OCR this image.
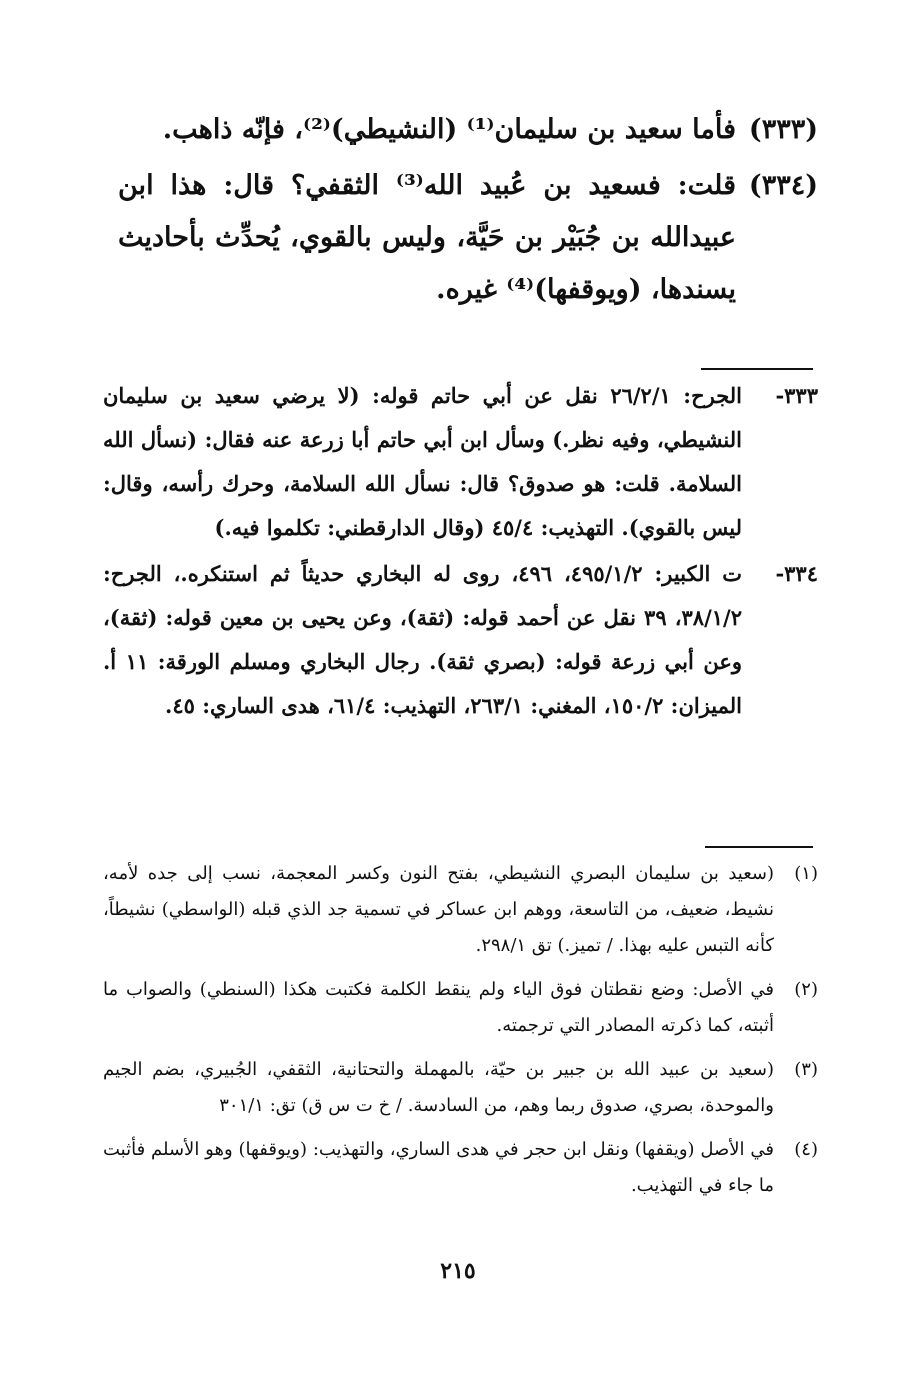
(٣٣٣)
فأما سعيد بن سليمان⁽¹⁾ (النشيطي)⁽²⁾، فإنّه ذاهب.
(٣٣٤)
قلت: فسعيد بن عُبيد الله⁽³⁾ الثقفي؟ قال: هذا ابن عبيدالله بن جُبَيْر بن حَيَّة، وليس بالقوي، يُحدِّث بأحاديث يسندها، (ويوقفها)⁽⁴⁾ غيره.
٣٣٣-
الجرح: ٢٦/٢/١ نقل عن أبي حاتم قوله: (لا يرضي سعيد بن سليمان النشيطي، وفيه نظر.) وسأل ابن أبي حاتم أبا زرعة عنه فقال: (نسأل الله السلامة. قلت: هو صدوق؟ قال: نسأل الله السلامة، وحرك رأسه، وقال: ليس بالقوي). التهذيب: ٤٥/٤ (وقال الدارقطني: تكلموا فيه.)
٣٣٤-
ت الكبير: ٤٩٥/١/٢، ٤٩٦، روى له البخاري حديثاً ثم استنكره.، الجرح: ٣٨/١/٢، ٣٩ نقل عن أحمد قوله: (ثقة)، وعن يحيى بن معين قوله: (ثقة)، وعن أبي زرعة قوله: (بصري ثقة). رجال البخاري ومسلم الورقة: ١١ أ. الميزان: ١٥٠/٢، المغني: ٢٦٣/١، التهذيب: ٦١/٤، هدى الساري: ٤٥.
(١)
(سعيد بن سليمان البصري النشيطي، بفتح النون وكسر المعجمة، نسب إلى جده لأمه، نشيط، ضعيف، من التاسعة، ووهم ابن عساكر في تسمية جد الذي قبله (الواسطي) نشيطاً، كأنه التبس عليه بهذا. / تميز.) تق ٢٩٨/١.
(٢)
في الأصل: وضع نقطتان فوق الياء ولم ينقط الكلمة فكتبت هكذا (السنطي) والصواب ما أثبته، كما ذكرته المصادر التي ترجمته.
(٣)
(سعيد بن عبيد الله بن جبير بن حيّة، بالمهملة والتحتانية، الثقفي، الجُبيري، بضم الجيم والموحدة، بصري، صدوق ربما وهم، من السادسة. / خ ت س ق) تق: ٣٠١/١
(٤)
في الأصل (ويقفها) ونقل ابن حجر في هدى الساري، والتهذيب: (ويوقفها) وهو الأسلم فأثبت ما جاء في التهذيب.
٢١٥
